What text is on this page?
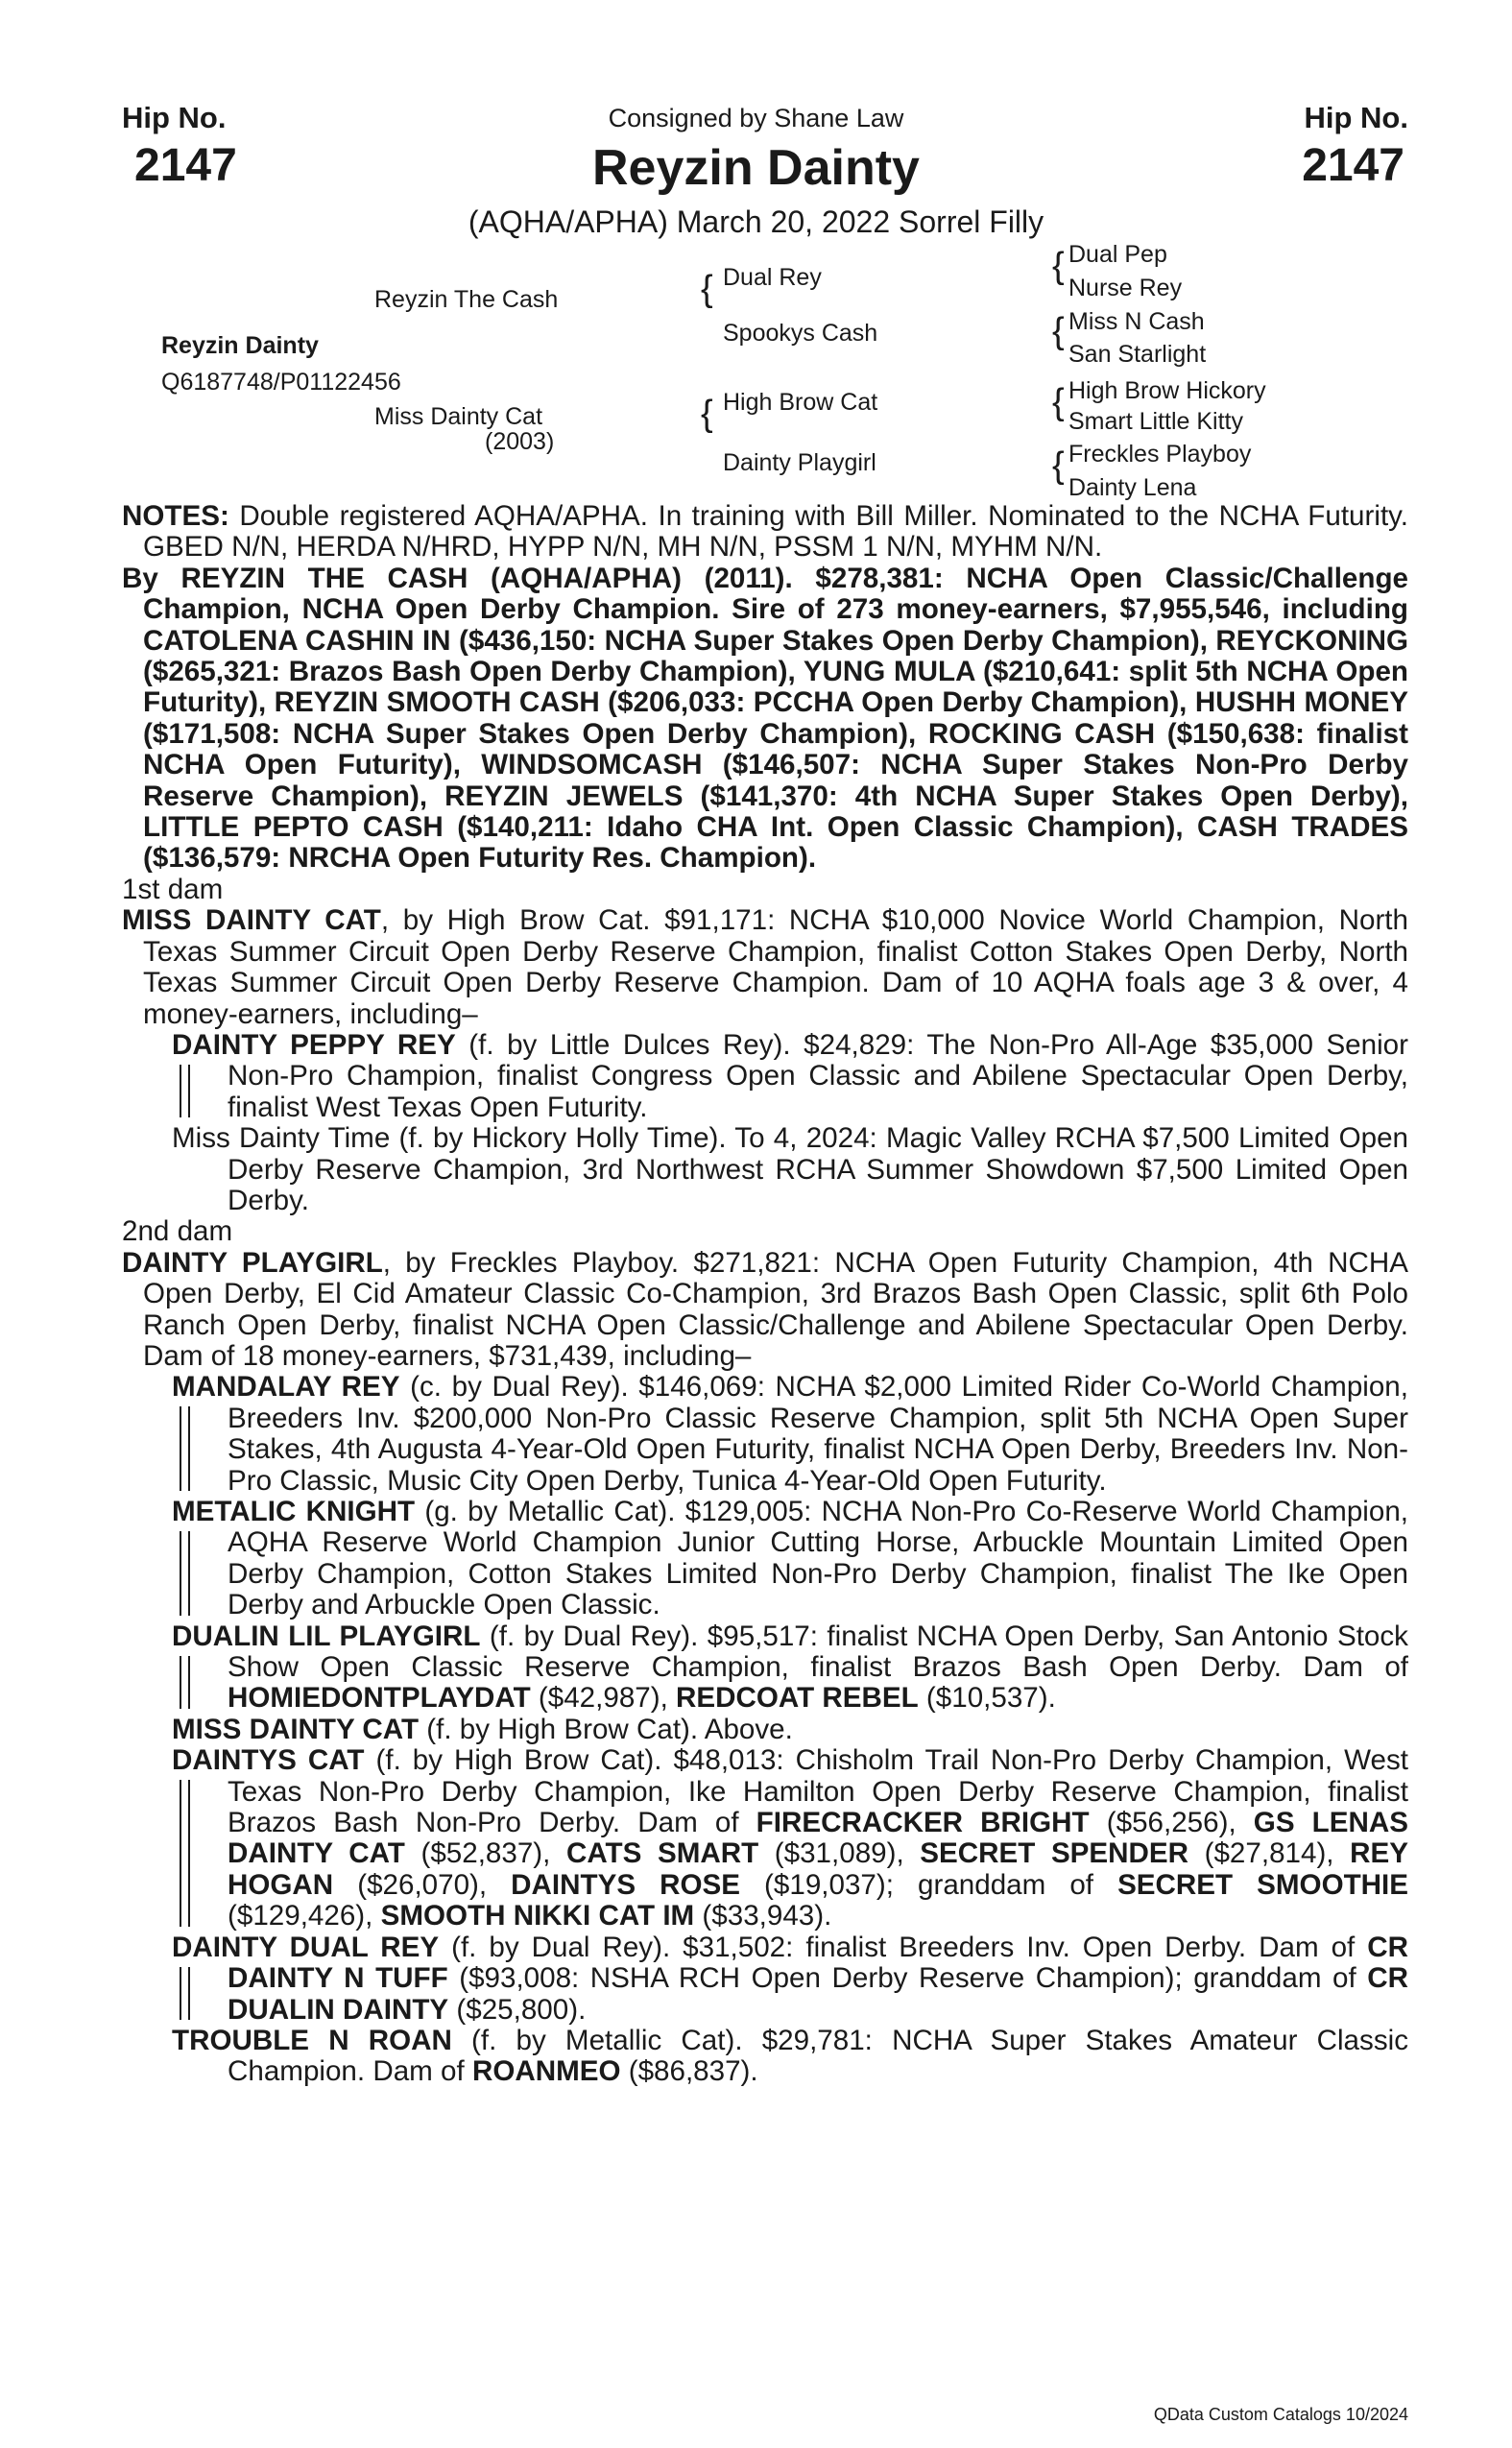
Hip No.
2147
Hip No.
2147
Consigned by Shane Law
Reyzin Dainty
(AQHA/APHA) March 20, 2022 Sorrel Filly
Reyzin Dainty
Q6187748/P01122456
Reyzin The Cash
Miss Dainty Cat
(2003)
{ Dual Rey
Spookys Cash
{ High Brow Cat
Dainty Playgirl
{ Dual Pep
Nurse Rey
{ Miss N Cash
San Starlight
{ High Brow Hickory
Smart Little Kitty
{ Freckles Playboy
Dainty Lena

NOTES: Double registered AQHA/APHA. In training with Bill Miller. Nominated to the NCHA Futurity. GBED N/N, HERDA N/HRD, HYPP N/N, MH N/N, PSSM 1 N/N, MYHM N/N.

By REYZIN THE CASH (AQHA/APHA) (2011). $278,381: NCHA Open Classic/Challenge Champion, NCHA Open Derby Champion. Sire of 273 money-earners, $7,955,546, including CATOLENA CASHIN IN ($436,150: NCHA Super Stakes Open Derby Champion), REYCKONING ($265,321: Brazos Bash Open Derby Champion), YUNG MULA ($210,641: split 5th NCHA Open Futurity), REYZIN SMOOTH CASH ($206,033: PCCHA Open Derby Champion), HUSHH MONEY ($171,508: NCHA Super Stakes Open Derby Champion), ROCKING CASH ($150,638: finalist NCHA Open Futurity), WINDSOMCASH ($146,507: NCHA Super Stakes Non-Pro Derby Reserve Champion), REYZIN JEWELS ($141,370: 4th NCHA Super Stakes Open Derby), LITTLE PEPTO CASH ($140,211: Idaho CHA Int. Open Classic Champion), CASH TRADES ($136,579: NRCHA Open Futurity Res. Champion).

1st dam

MISS DAINTY CAT, by High Brow Cat. $91,171: NCHA $10,000 Novice World Champion, North Texas Summer Circuit Open Derby Reserve Champion, finalist Cotton Stakes Open Derby, North Texas Summer Circuit Open Derby Reserve Champion. Dam of 10 AQHA foals age 3 & over, 4 money-earners, including–

DAINTY PEPPY REY (f. by Little Dulces Rey). $24,829: The Non-Pro All-Age $35,000 Senior Non-Pro Champion, finalist Congress Open Classic and Abilene Spectacular Open Derby, finalist West Texas Open Futurity.
Miss Dainty Time (f. by Hickory Holly Time). To 4, 2024: Magic Valley RCHA $7,500 Limited Open Derby Reserve Champion, 3rd Northwest RCHA Summer Showdown $7,500 Limited Open Derby.

2nd dam

DAINTY PLAYGIRL, by Freckles Playboy. $271,821: NCHA Open Futurity Champion, 4th NCHA Open Derby, El Cid Amateur Classic Co-Champion, 3rd Brazos Bash Open Classic, split 6th Polo Ranch Open Derby, finalist NCHA Open Classic/Challenge and Abilene Spectacular Open Derby. Dam of 18 money-earners, $731,439, including–

MANDALAY REY (c. by Dual Rey). $146,069: NCHA $2,000 Limited Rider Co-World Champion, Breeders Inv. $200,000 Non-Pro Classic Reserve Champion, split 5th NCHA Open Super Stakes, 4th Augusta 4-Year-Old Open Futurity, finalist NCHA Open Derby, Breeders Inv. Non-Pro Classic, Music City Open Derby, Tunica 4-Year-Old Open Futurity.
METALIC KNIGHT (g. by Metallic Cat). $129,005: NCHA Non-Pro Co-Reserve World Champion, AQHA Reserve World Champion Junior Cutting Horse, Arbuckle Mountain Limited Open Derby Champion, Cotton Stakes Limited Non-Pro Derby Champion, finalist The Ike Open Derby and Arbuckle Open Classic.
DUALIN LIL PLAYGIRL (f. by Dual Rey). $95,517: finalist NCHA Open Derby, San Antonio Stock Show Open Classic Reserve Champion, finalist Brazos Bash Open Derby. Dam of HOMIEDONTPLAYDAT ($42,987), REDCOAT REBEL ($10,537).
MISS DAINTY CAT (f. by High Brow Cat). Above.
DAINTYS CAT (f. by High Brow Cat). $48,013: Chisholm Trail Non-Pro Derby Champion, West Texas Non-Pro Derby Champion, Ike Hamilton Open Derby Reserve Champion, finalist Brazos Bash Non-Pro Derby. Dam of FIRECRACKER BRIGHT ($56,256), GS LENAS DAINTY CAT ($52,837), CATS SMART ($31,089), SECRET SPENDER ($27,814), REY HOGAN ($26,070), DAINTYS ROSE ($19,037); granddam of SECRET SMOOTHIE ($129,426), SMOOTH NIKKI CAT IM ($33,943).
DAINTY DUAL REY (f. by Dual Rey). $31,502: finalist Breeders Inv. Open Derby. Dam of CR DAINTY N TUFF ($93,008: NSHA RCH Open Derby Reserve Champion); granddam of CR DUALIN DAINTY ($25,800).
TROUBLE N ROAN (f. by Metallic Cat). $29,781: NCHA Super Stakes Amateur Classic Champion. Dam of ROANMEO ($86,837).
QData Custom Catalogs 10/2024
